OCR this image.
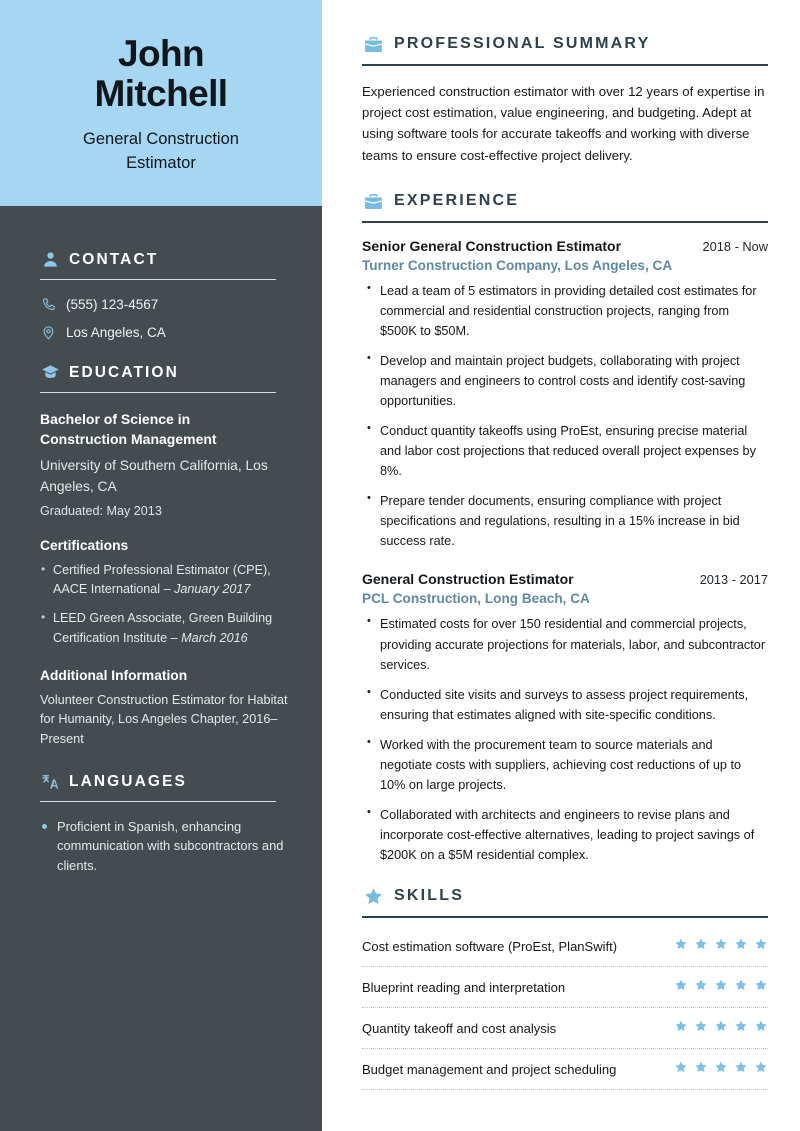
John
Mitchell
General Construction
Estimator
CONTACT
(555) 123-4567
Los Angeles, CA
EDUCATION
Bachelor of Science in
Construction Management
University of Southern California, Los Angeles, CA
Graduated: May 2013
Certifications
• Certified Professional Estimator (CPE), AACE International – January 2017
• LEED Green Associate, Green Building Certification Institute – March 2016
Additional Information
Volunteer Construction Estimator for Habitat for Humanity, Los Angeles Chapter, 2016–Present
LANGUAGES
Proficient in Spanish, enhancing communication with subcontractors and clients.
PROFESSIONAL SUMMARY

Experienced construction estimator with over 12 years of expertise in project cost estimation, value engineering, and budgeting. Adept at using software tools for accurate takeoffs and working with diverse teams to ensure cost-effective project delivery.

EXPERIENCE
Senior General Construction Estimator	2018 - Now
Turner Construction Company, Los Angeles, CA
• Lead a team of 5 estimators in providing detailed cost estimates for commercial and residential construction projects, ranging from $500K to $50M.
• Develop and maintain project budgets, collaborating with project managers and engineers to control costs and identify cost-saving opportunities.
• Conduct quantity takeoffs using ProEst, ensuring precise material and labor cost projections that reduced overall project expenses by 8%.
• Prepare tender documents, ensuring compliance with project specifications and regulations, resulting in a 15% increase in bid success rate.
General Construction Estimator	2013 - 2017
PCL Construction, Long Beach, CA
• Estimated costs for over 150 residential and commercial projects, providing accurate projections for materials, labor, and subcontractor services.
• Conducted site visits and surveys to assess project requirements, ensuring that estimates aligned with site-specific conditions.
• Worked with the procurement team to source materials and negotiate costs with suppliers, achieving cost reductions of up to 10% on large projects.
• Collaborated with architects and engineers to revise plans and incorporate cost-effective alternatives, leading to project savings of $200K on a $5M residential complex.
SKILLS
Cost estimation software (ProEst, PlanSwift)
Blueprint reading and interpretation
Quantity takeoff and cost analysis
Budget management and project scheduling
